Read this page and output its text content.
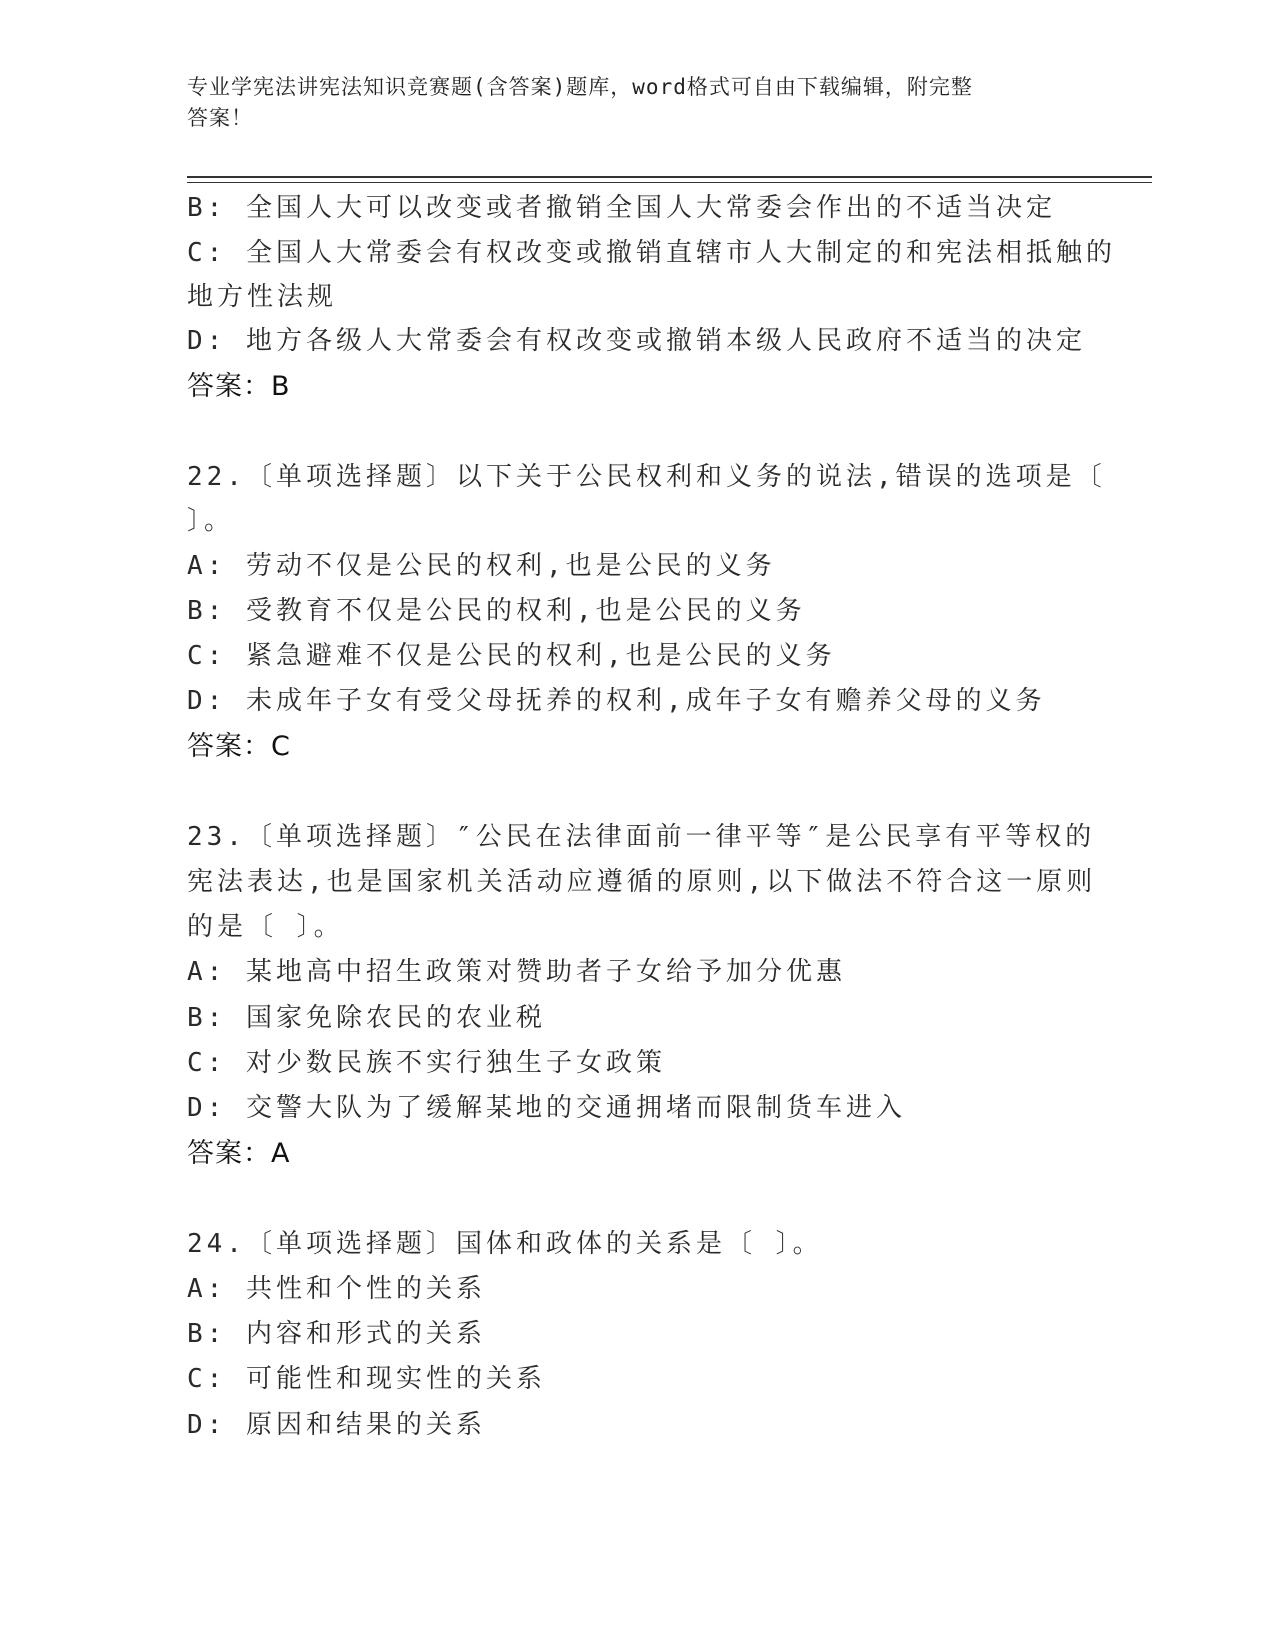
专业学宪法讲宪法知识竞赛题(含答案)题库，word格式可自由下载编辑，附完整
答案！
B: 全国人大可以改变或者撤销全国人大常委会作出的不适当决定
C: 全国人大常委会有权改变或撤销直辖市人大制定的和宪法相抵触的
地方性法规
D: 地方各级人大常委会有权改变或撤销本级人民政府不适当的决定
答案：B
22.〔单项选择题〕以下关于公民权利和义务的说法,错误的选项是〔
〕。
A: 劳动不仅是公民的权利,也是公民的义务
B: 受教育不仅是公民的权利,也是公民的义务
C: 紧急避难不仅是公民的权利,也是公民的义务
D: 未成年子女有受父母抚养的权利,成年子女有赡养父母的义务
答案：C
23.〔单项选择题〕″公民在法律面前一律平等″是公民享有平等权的
宪法表达,也是国家机关活动应遵循的原则,以下做法不符合这一原则
的是〔 〕。
A: 某地高中招生政策对赞助者子女给予加分优惠
B: 国家免除农民的农业税
C: 对少数民族不实行独生子女政策
D: 交警大队为了缓解某地的交通拥堵而限制货车进入
答案：A
24.〔单项选择题〕国体和政体的关系是〔 〕。
A: 共性和个性的关系
B: 内容和形式的关系
C: 可能性和现实性的关系
D: 原因和结果的关系
